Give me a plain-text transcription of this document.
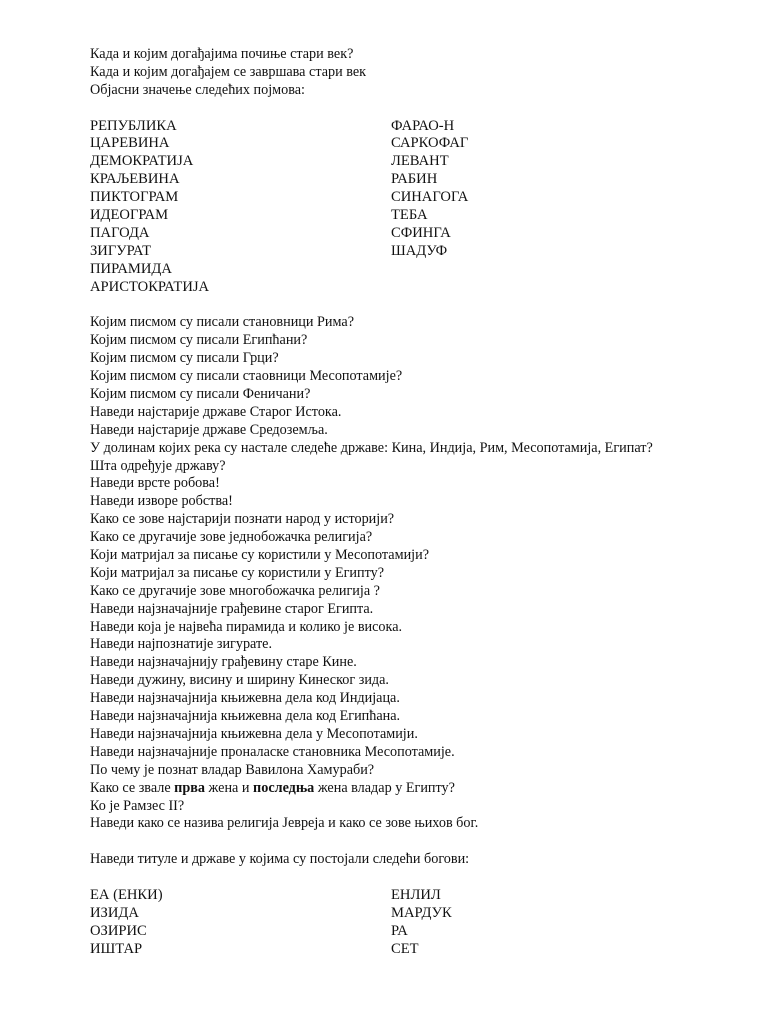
Када и којим догађајима почиње стари век?
Када и којим догађајем се завршава стари век
Објасни значење следећих појмова:
РЕПУБЛИКА
ЦАРЕВИНА
ДЕМОКРАТИЈА
КРАЉЕВИНА
ПИКТОГРАМ
ИДЕОГРАМ
ПАГОДА
ЗИГУРАТ
ПИРАМИДА
АРИСТОКРАТИЈА
ФАРАО-Н
САРКОФАГ
ЛЕВАНТ
РАБИН
СИНАГОГА
ТЕБА
СФИНГА
ШАДУФ
Којим писмом су писали становници Рима?
Којим писмом су писали Египћани?
Којим писмом су писали Грци?
Којим писмом су писали стаовници Месопотамије?
Којим писмом су писали Феничани?
Наведи најстарије државе Старог Истока.
Наведи најстарије државе Средоземља.
У долинам којих река су настале следеће државе: Кина, Индија, Рим, Месопотамија, Египат?
Шта одређује државу?
Наведи врсте робова!
Наведи изворе робства!
Како се зове најстарији познати народ у историји?
Како се другачије зове једнобожачка религија?
Који матријал за писање су користили у Месопотамији?
Који матријал за писање су користили у Египту?
Како се другачије зове многобожачка религија ?
Наведи најзначајније грађевине старог Египта.
Наведи која је највећа пирамида и колико је висока.
Наведи најпознатије зигурате.
Наведи најзначајнију грађевину старе Кине.
Наведи дужину, висину и ширину Кинеског зида.
Наведи најзначајнија књижевна дела код Индијаца.
Наведи најзначајнија књижевна дела код Египћана.
Наведи најзначајнија књижевна дела у Месопотамији.
Наведи најзначајније проналаске становника Месопотамије.
По чему је познат владар Вавилона Хамураби?
Како се звале прва жена и последња жена владар у Египту?
Ко је Рамзес II?
Наведи како се назива религија Јевреја и како се зове њихов бог.
Наведи титуле и државе у којима су постојали следећи богови:
ЕА (ЕНКИ)
ИЗИДА
ОЗИРИС
ИШТАР
ЕНЛИЛ
МАРДУК
РА
СЕТ
